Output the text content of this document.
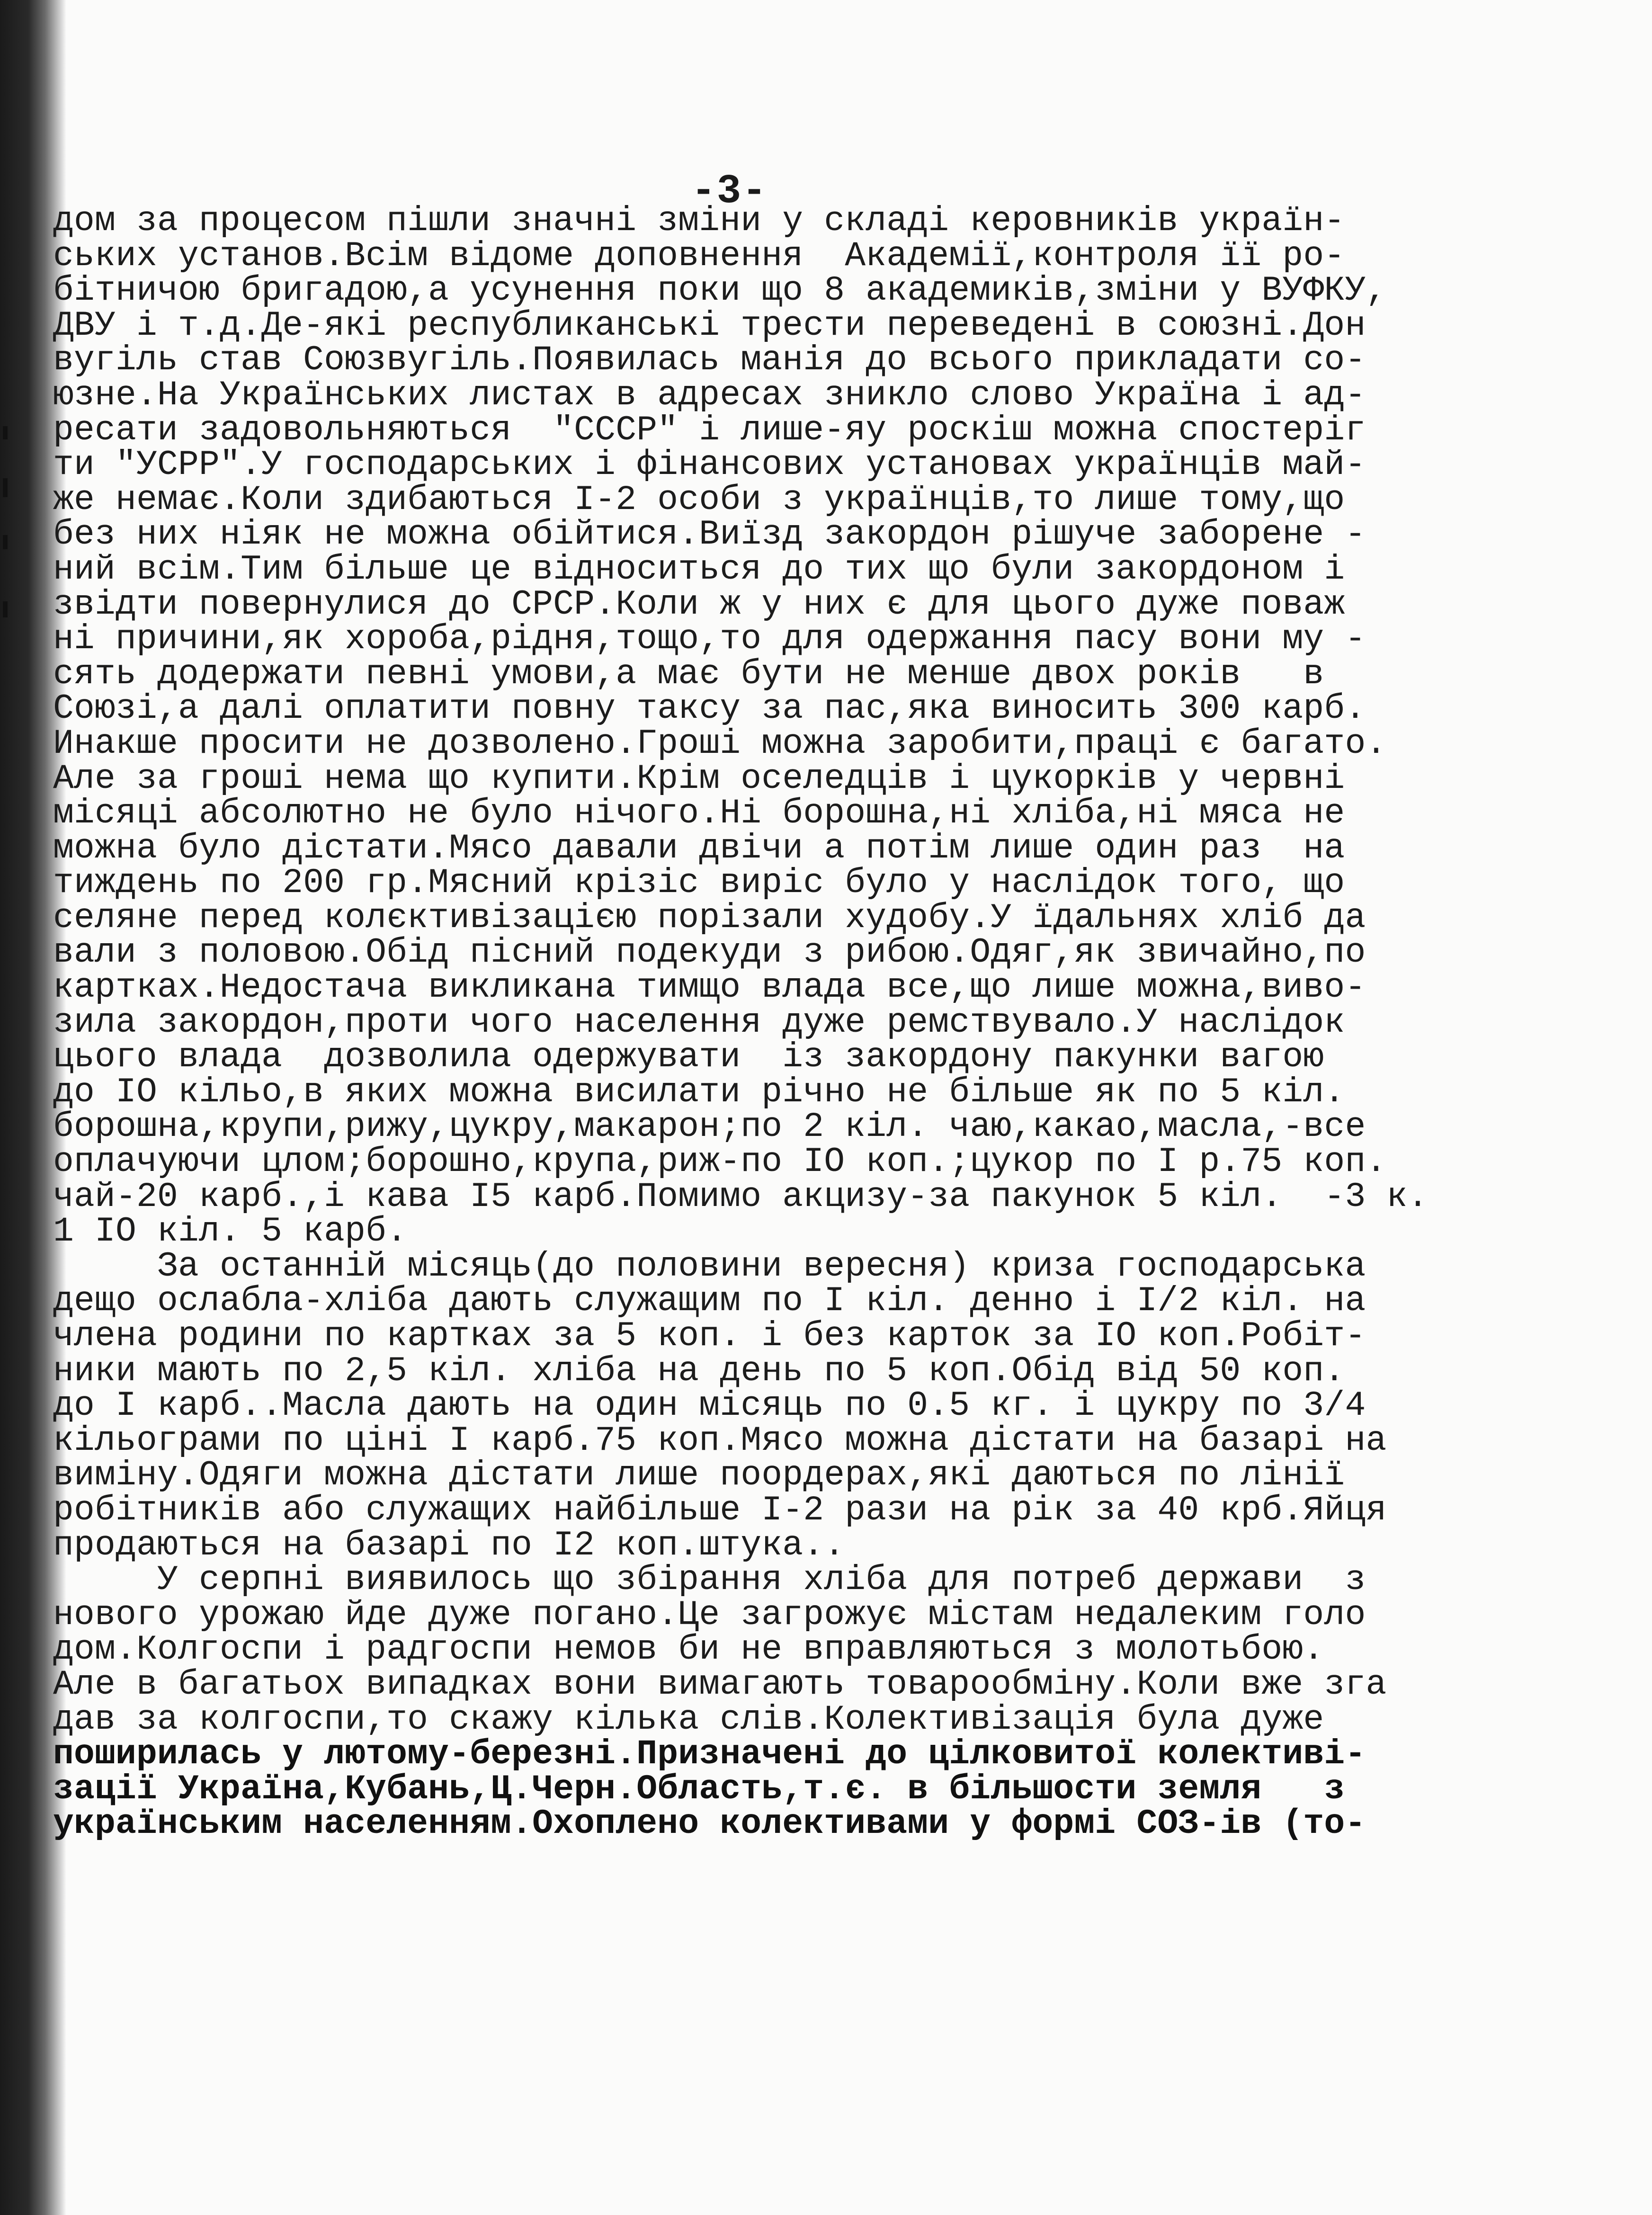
-3-
дом за процесом пішли значні зміни у складі керовників україн-
ських установ.Всім відоме доповнення  Академії,контроля її ро-
бітничою бригадою,а усунення поки що 8 академиків,зміни у ВУФКУ,
ДВУ і т.д.Де-які республиканські трести переведені в союзні.Дон
вугіль став Союзвугіль.Появилась манія до всього прикладати со-
юзне.На Українських листах в адресах зникло слово Україна і ад-
ресати задовольняються  "СССР" і лише-яу роскіш можна спостеріг
ти "УСРР".У господарських і фінансових установах українців май-
же немає.Коли здибаються I-2 особи з українців,то лише тому,що
без них ніяк не можна обійтися.Виїзд закордон рішуче заборене -
ний всім.Тим більше це відноситься до тих що були закордоном і
звідти повернулися до СРСР.Коли ж у них є для цього дуже поваж
ні причини,як хороба,рідня,тощо,то для одержання пасу вони му -
сять додержати певні умови,а має бути не менше двох років   в
Союзі,а далі оплатити повну таксу за пас,яка виносить 300 карб.
Инакше просити не дозволено.Гроші можна заробити,праці є багато.
Але за гроші нема що купити.Крім оселедців і цукорків у червні
місяці абсолютно не було нічого.Ні борошна,ні хліба,ні мяса не
можна було дістати.Мясо давали двічи а потім лише один раз  на
тиждень по 200 гр.Мясний крізіс виріс було у наслідок того, що
селяне перед колєктивізацією порізали худобу.У їдальнях хліб да
вали з половою.Обід пісний подекуди з рибою.Одяг,як звичайно,по
картках.Недостача викликана тимщо влада все,що лише можна,вивo-
зила закордон,проти чого населення дуже ремствувало.У наслідок
цього влада  дозволила одержувати  із закордону пакунки вагою
до IO кільо,в яких можна висилати річно не більше як по 5 кіл.
борошна,крупи,рижу,цукру,макарон;по 2 кіл. чаю,какао,масла,-все
оплачуючи цлом;борошно,крупа,риж-по IO коп.;цукор по I р.75 коп.
чай-20 карб.,і кава I5 карб.Помимо акцизу-за пакунок 5 кіл.  -3 к.
1 IO кіл. 5 карб.
За останній місяць(до половини вересня) криза господарська
дещо ослабла-хліба дають служащим по I кіл. денно і I/2 кіл. на
члена родини по картках за 5 коп. і без карток за IO коп.Робіт-
ники мають по 2,5 кіл. хліба на день по 5 коп.Обід від 50 коп.
до I карб..Масла дають на один місяць по 0.5 кг. і цукру по 3/4
кільограми по ціні I карб.75 коп.Мясо можна дістати на базарі на
виміну.Одяги можна дістати лише поордерах,які даються по лінії
робітників або служащих найбільше I-2 рази на рік за 40 крб.Яйця
продаються на базарі по I2 коп.штука..
У серпні виявилось що збірання хліба для потреб держави  з
нового урожаю йде дуже погано.Це загрожує містам недалеким голо
дом.Колгоспи і радгоспи немов би не вправляються з молотьбою.
Але в багатьох випадках вони вимагають товарообміну.Коли вже зга
дав за колгоспи,то скажу кілька слів.Колективізація була дуже
поширилась у лютому-березні.Призначені до цілковитої колективі-
зації Україна,Кубань,Ц.Черн.Область,т.є. в більшости земля   з
українським населенням.Охоплено колективами у формі СОЗ-ів (то-
